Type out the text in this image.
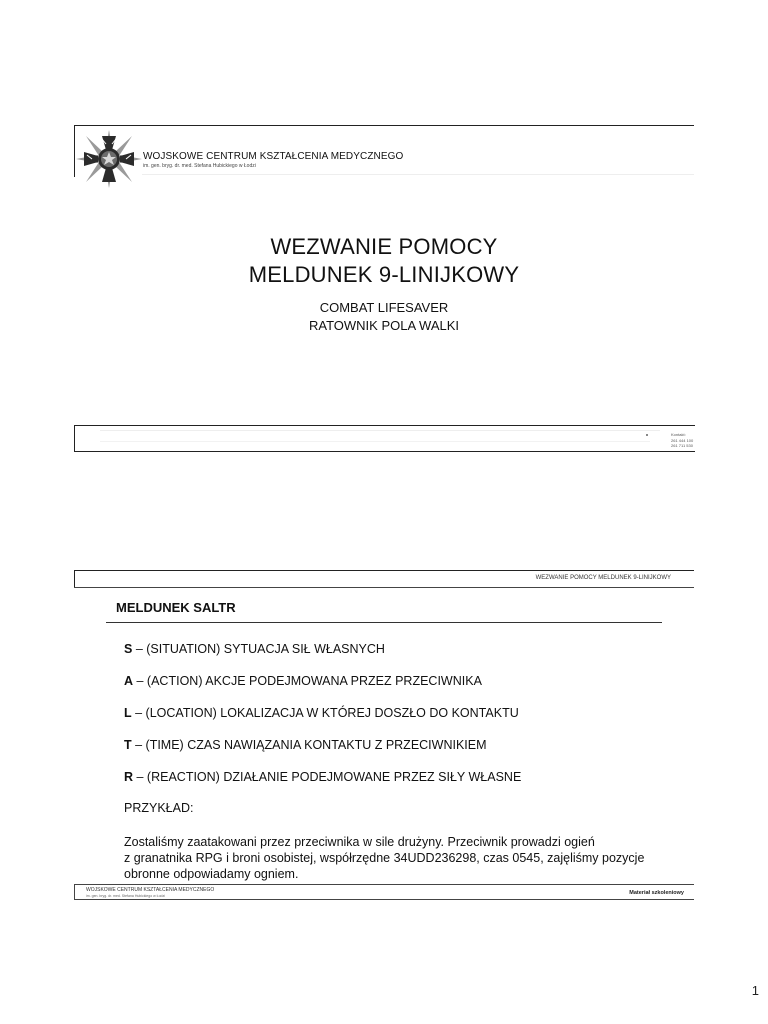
WOJSKOWE CENTRUM KSZTAŁCENIA MEDYCZNEGO
im. gen. bryg. dr. med. Stefana Hubickiego w Łodzi
WEZWANIE POMOCY
MELDUNEK 9-LINIJKOWY
COMBAT LIFESAVER
RATOWNIK POLA WALKI
Kontakt:
261 444 100
261 711 530
WEZWANIE POMOCY MELDUNEK 9-LINIJKOWY
MELDUNEK SALTR
S – (SITUATION) SYTUACJA SIŁ WŁASNYCH
A – (ACTION) AKCJE PODEJMOWANA PRZEZ PRZECIWNIKA
L – (LOCATION) LOKALIZACJA W KTÓREJ DOSZŁO DO KONTAKTU
T – (TIME) CZAS NAWIĄZANIA KONTAKTU Z PRZECIWNIKIEM
R – (REACTION) DZIAŁANIE PODEJMOWANE PRZEZ SIŁY WŁASNE
PRZYKŁAD:
Zostaliśmy zaatakowani przez przeciwnika w sile drużyny. Przeciwnik prowadzi ogień
z granatnika RPG i broni osobistej, współrzędne 34UDD236298, czas 0545, zajęliśmy pozycje
obronne odpowiadamy ogniem.
WOJSKOWE CENTRUM KSZTAŁCENIA MEDYCZNEGO
im. gen. bryg. dr. med. Stefana Hubickiego w Łodzi	Materiał szkoleniowy
1
